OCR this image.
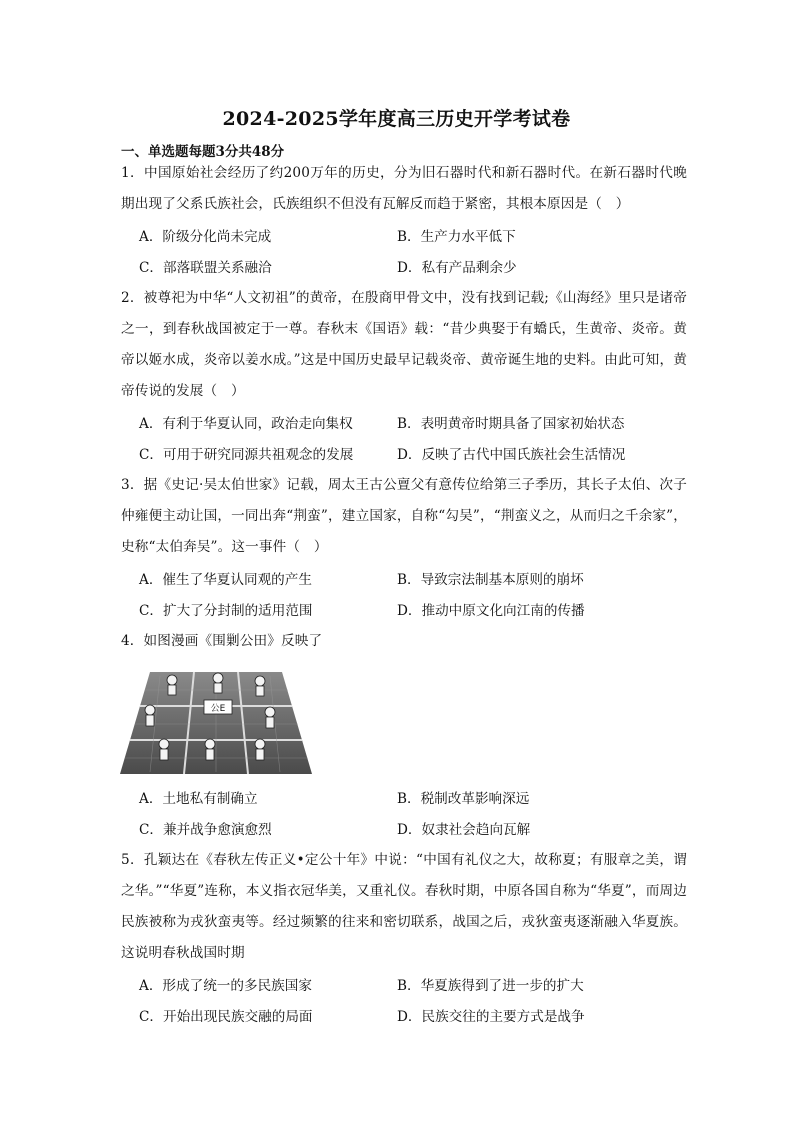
2024-2025学年度高三历史开学考试卷
一、单选题每题3分共48分
1．中国原始社会经历了约200万年的历史，分为旧石器时代和新石器时代。在新石器时代晚期出现了父系氏族社会，氏族组织不但没有瓦解反而趋于紧密，其根本原因是（　）
A．阶级分化尚未完成	B．生产力水平低下
C．部落联盟关系融洽	D．私有产品剩余少
2．被尊祀为中华“人文初祖”的黄帝，在殷商甲骨文中，没有找到记载;《山海经》里只是诸帝之一，到春秋战国被定于一尊。春秋末《国语》载：“昔少典娶于有蟜氏，生黄帝、炎帝。黄帝以姬水成，炎帝以姜水成。”这是中国历史最早记载炎帝、黄帝诞生地的史料。由此可知，黄帝传说的发展（　）
A．有利于华夏认同，政治走向集权	B．表明黄帝时期具备了国家初始状态
C．可用于研究同源共祖观念的发展	D．反映了古代中国氏族社会生活情况
3．据《史记·吴太伯世家》记载，周太王古公亶父有意传位给第三子季历，其长子太伯、次子仲雍便主动让国，一同出奔“荆蛮”，建立国家，自称“勾吴”，“荆蛮义之，从而归之千余家”，史称“太伯奔吴”。这一事件（　）
A．催生了华夏认同观的产生	B．导致宗法制基本原则的崩坏
C．扩大了分封制的适用范围	D．推动中原文化向江南的传播
4．如图漫画《围剿公田》反映了
公E
A．土地私有制确立	B．税制改革影响深远
C．兼并战争愈演愈烈	D．奴隶社会趋向瓦解
5．孔颖达在《春秋左传正义•定公十年》中说：“中国有礼仪之大，故称夏；有服章之美，谓之华。”“华夏”连称，本义指衣冠华美，又重礼仪。春秋时期，中原各国自称为“华夏”，而周边民族被称为戎狄蛮夷等。经过频繁的往来和密切联系，战国之后，戎狄蛮夷逐渐融入华夏族。这说明春秋战国时期
A．形成了统一的多民族国家	B．华夏族得到了进一步的扩大
C．开始出现民族交融的局面	D．民族交往的主要方式是战争
